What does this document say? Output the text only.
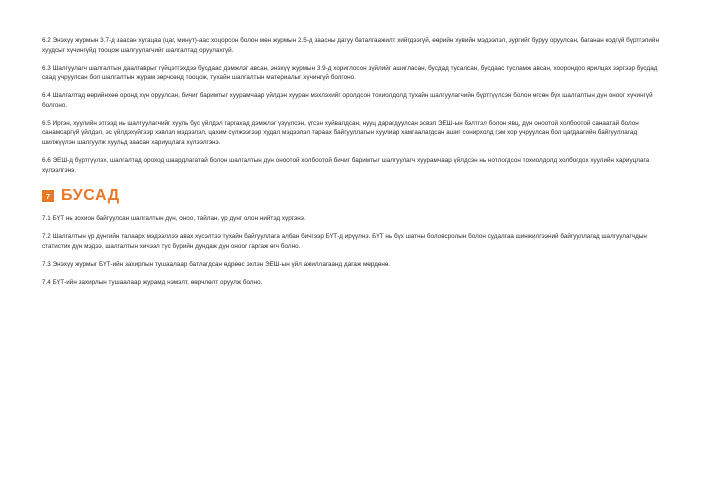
6.2 Энэхүү журмын 3.7-д заасан хугацаа (цаг, минут)-аас хоцорсон болон мөн журмын 2.5-д заасны дагуу баталгаажилт хийгдээгүй, өөрийн хувийн мэдээлэл, зургийг буруу оруулсан, баганан кодгүй бүртгэлийн хуудсыг хүчингүйд тооцож шалгуулагчийг шалгалтад оруулахгүй.

6.3 Шалгуулагч шалгалтын даалгаврыг гүйцэтгэхдээ бусдаас дэмжлэг авсан, энэхүү журмын 3.9-д хориглосон зүйлийг ашигласан, бусдад тусалсан, бусдаас тусламж авсан, хоорондоо ярилцах зэргээр бусдад саад учруулсан бол шалгалтын журам зөрчсөнд тооцож, тухайн шалгалтын материалыг хүчингүй болгоно.

6.4 Шалгалтад өөрийнхөө оронд хүн оруулсан, бичиг баримтыг хуурамчаар үйлдэн хууран мэхлэхийг оролдсон тохиолдолд тухайн шалгуулагчийн бүртгүүлсэн болон өгсөн бүх шалгалтын дүн оноог хүчингүй болгоно.

6.5 Иргэн, хуулийн этгээд нь шалгуулагчийг хууль бус үйлдэл гаргахад дэмжлэг үзүүлсэн, үгсэн хуйвалдсан, нууц дарагдуулсан эсвэл ЭЕШ-ын бэлтгэл болон явц, дүн оноотой холбоотой санаатай болон санамсаргүй үйлдэл, эс үйлдэхүйгээр хэвлэл мэдээлэл, цахим сүлжээгээр худал мэдээлэл тараах байгууллагын хуулиар хамгаалагдсан ашиг сонирхолд гэм хор учруулсан бол цагдаагийн байгууллагад шилжүүлэн шалгуулж хуульд заасан хариуцлага хүлээлгэнэ.

6.6 ЭЕШ-д бүртгүүлэх, шалгалтад ороход шаардлагатай болон шалгалтын дүн оноотой холбоотой бичиг баримтыг шалгуулагч хуурамчаар үйлдсэн нь нотлогдсон тохиолдолд холбогдох хуулийн хариуцлага хүлээлгэнэ.

7 БУСАД

7.1 БҮТ нь зохион байгуулсан шалгалтын дүн, оноо, тайлан, үр дүнг олон нийтэд хүргэнэ.

7.2 Шалгалтын үр дүнгийн талаарх мэдээллээ авах хүсэлтээ тухайн байгууллага албан бичгээр БҮТ-д ирүүлнэ. БҮТ нь бүх шатны боловсролын болон судалгаа шинжилгээний байгууллагад шалгуулагчдын статистик дүн мэдээ, шалгалтын хичээл тус бүрийн дундаж дүн оноог гаргаж өгч болно.

7.3 Энэхүү журмыг БҮТ-ийн захирлын тушаалаар батлагдсан өдрөөс эхлэн ЭЕШ-ын үйл ажиллагаанд дагаж мөрдөнө.

7.4 БҮТ-ийн захирлын тушаалаар журамд нэмэлт, өөрчлөлт оруулж болно.
